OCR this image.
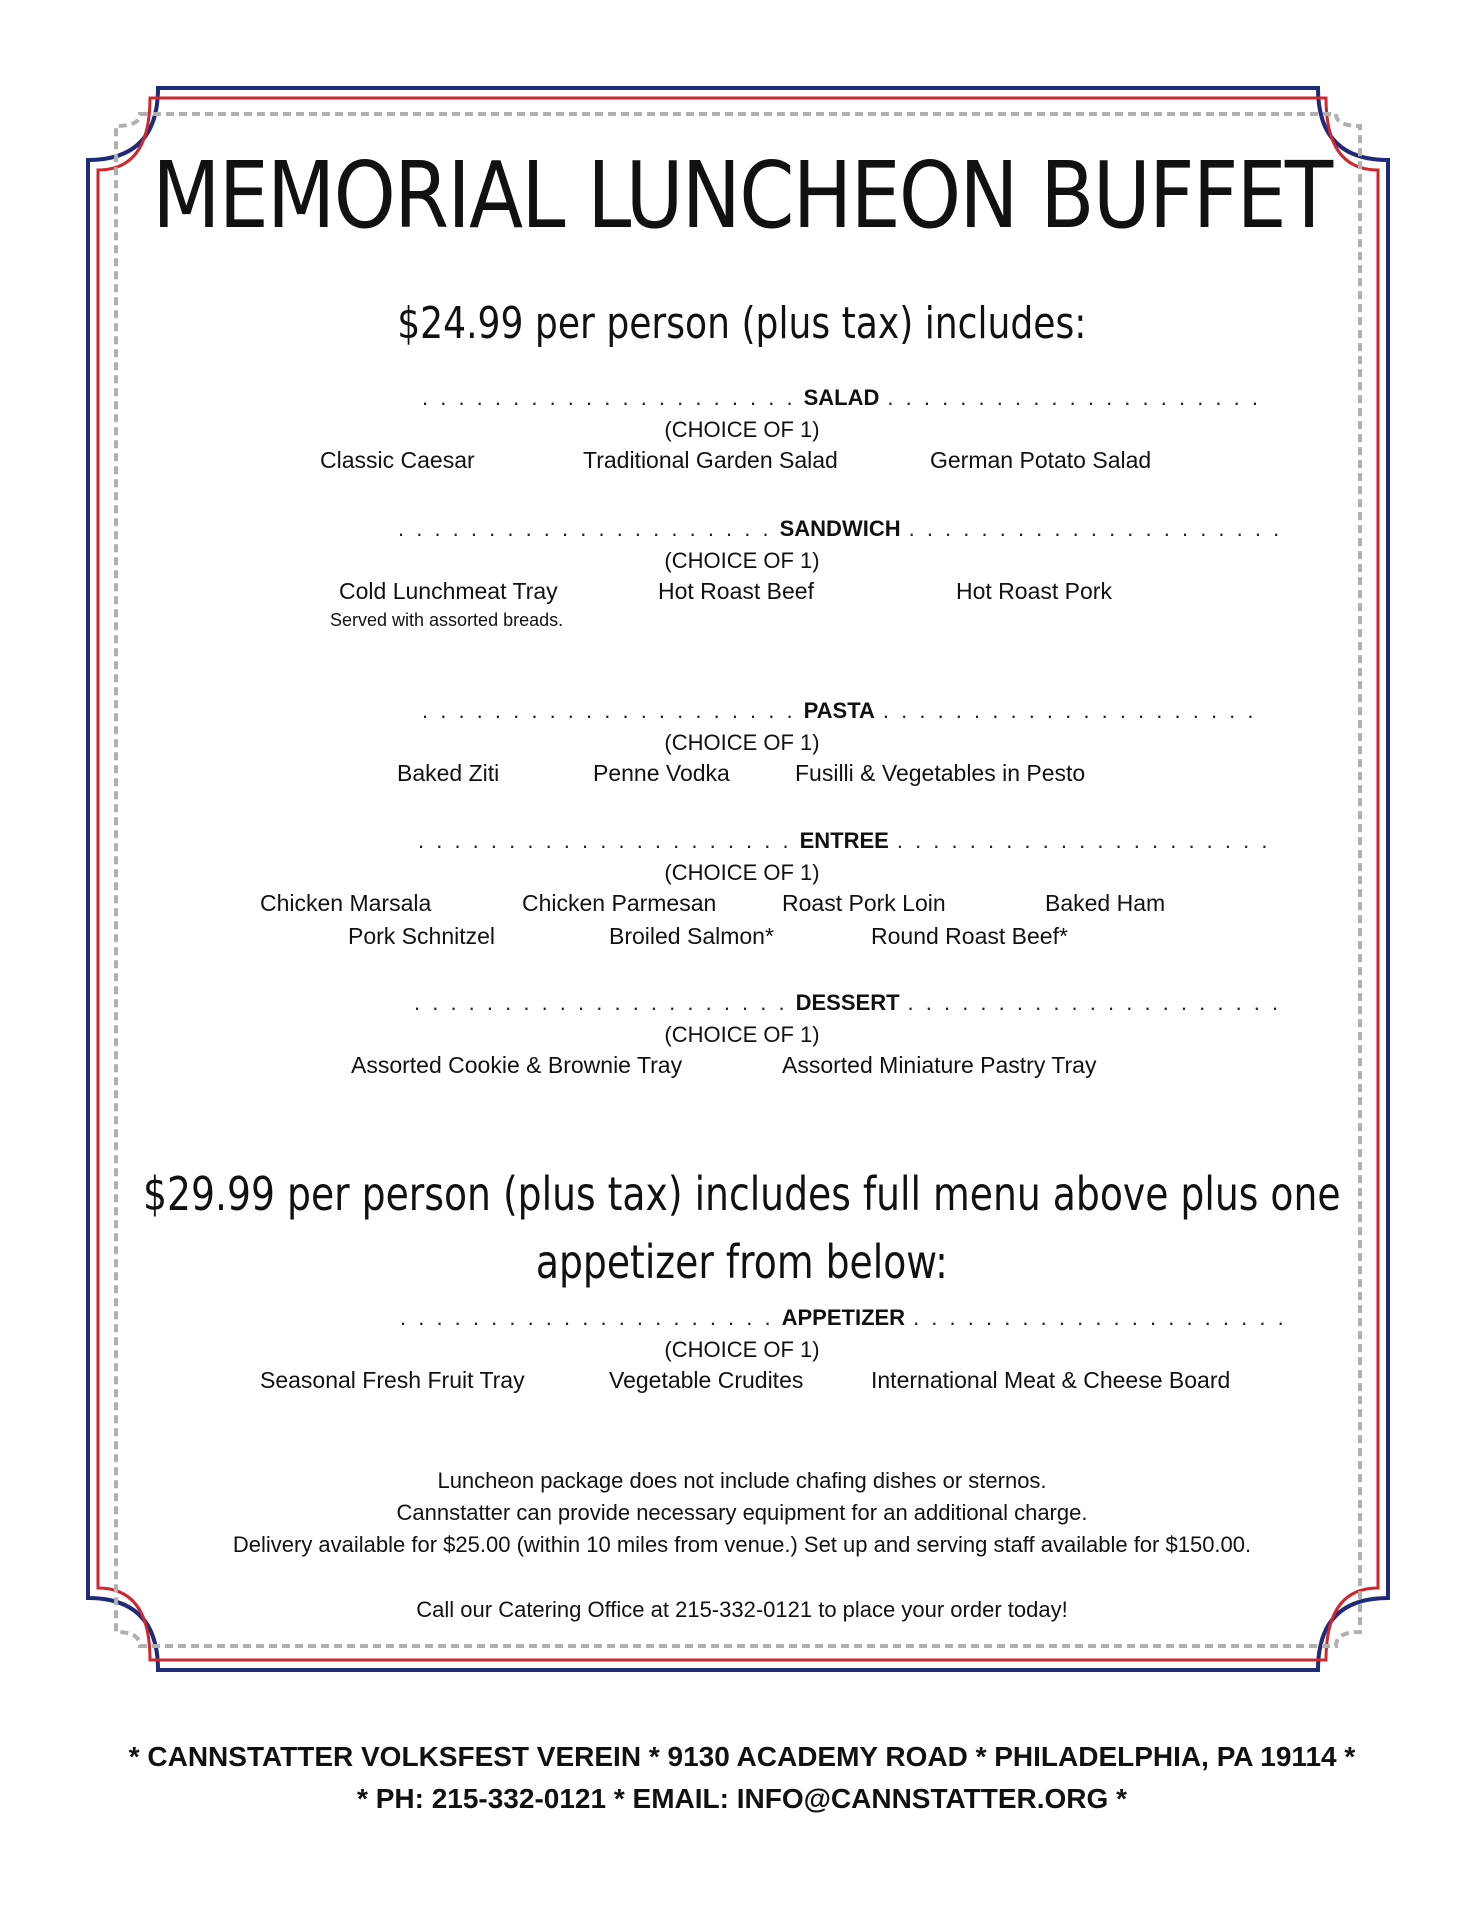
MEMORIAL LUNCHEON BUFFET
$24.99 per person (plus tax) includes:
. . . . . . . . . . . . . . . . . . . . . SALAD . . . . . . . . . . . . . . . . . . . . .
(CHOICE OF 1)
Classic Caesar	Traditional Garden Salad	German Potato Salad
. . . . . . . . . . . . . . . . . . . . . SANDWICH . . . . . . . . . . . . . . . . . . . . .
(CHOICE OF 1)
Cold Lunchmeat Tray	Hot Roast Beef	Hot Roast Pork
Served with assorted breads.
. . . . . . . . . . . . . . . . . . . . . PASTA . . . . . . . . . . . . . . . . . . . . .
(CHOICE OF 1)
Baked Ziti	Penne Vodka	Fusilli & Vegetables in Pesto
. . . . . . . . . . . . . . . . . . . . . ENTREE . . . . . . . . . . . . . . . . . . . . .
(CHOICE OF 1)
Chicken Marsala	Chicken Parmesan	Roast Pork Loin	Baked Ham
Pork Schnitzel	Broiled Salmon*	Round Roast Beef*
. . . . . . . . . . . . . . . . . . . . . DESSERT . . . . . . . . . . . . . . . . . . . . .
(CHOICE OF 1)
Assorted Cookie & Brownie Tray	Assorted Miniature Pastry Tray
$29.99 per person (plus tax) includes full menu above plus one
appetizer from below:
. . . . . . . . . . . . . . . . . . . . . APPETIZER . . . . . . . . . . . . . . . . . . . . .
(CHOICE OF 1)
Seasonal Fresh Fruit Tray	Vegetable Crudites	International Meat & Cheese Board
Luncheon package does not include chafing dishes or sternos.
Cannstatter can provide necessary equipment for an additional charge.
Delivery available for $25.00 (within 10 miles from venue.) Set up and serving staff available for $150.00.
Call our Catering Office at 215-332-0121 to place your order today!
* CANNSTATTER VOLKSFEST VEREIN * 9130 ACADEMY ROAD * PHILADELPHIA, PA 19114 *
* PH: 215-332-0121 * EMAIL: INFO@CANNSTATTER.ORG *
